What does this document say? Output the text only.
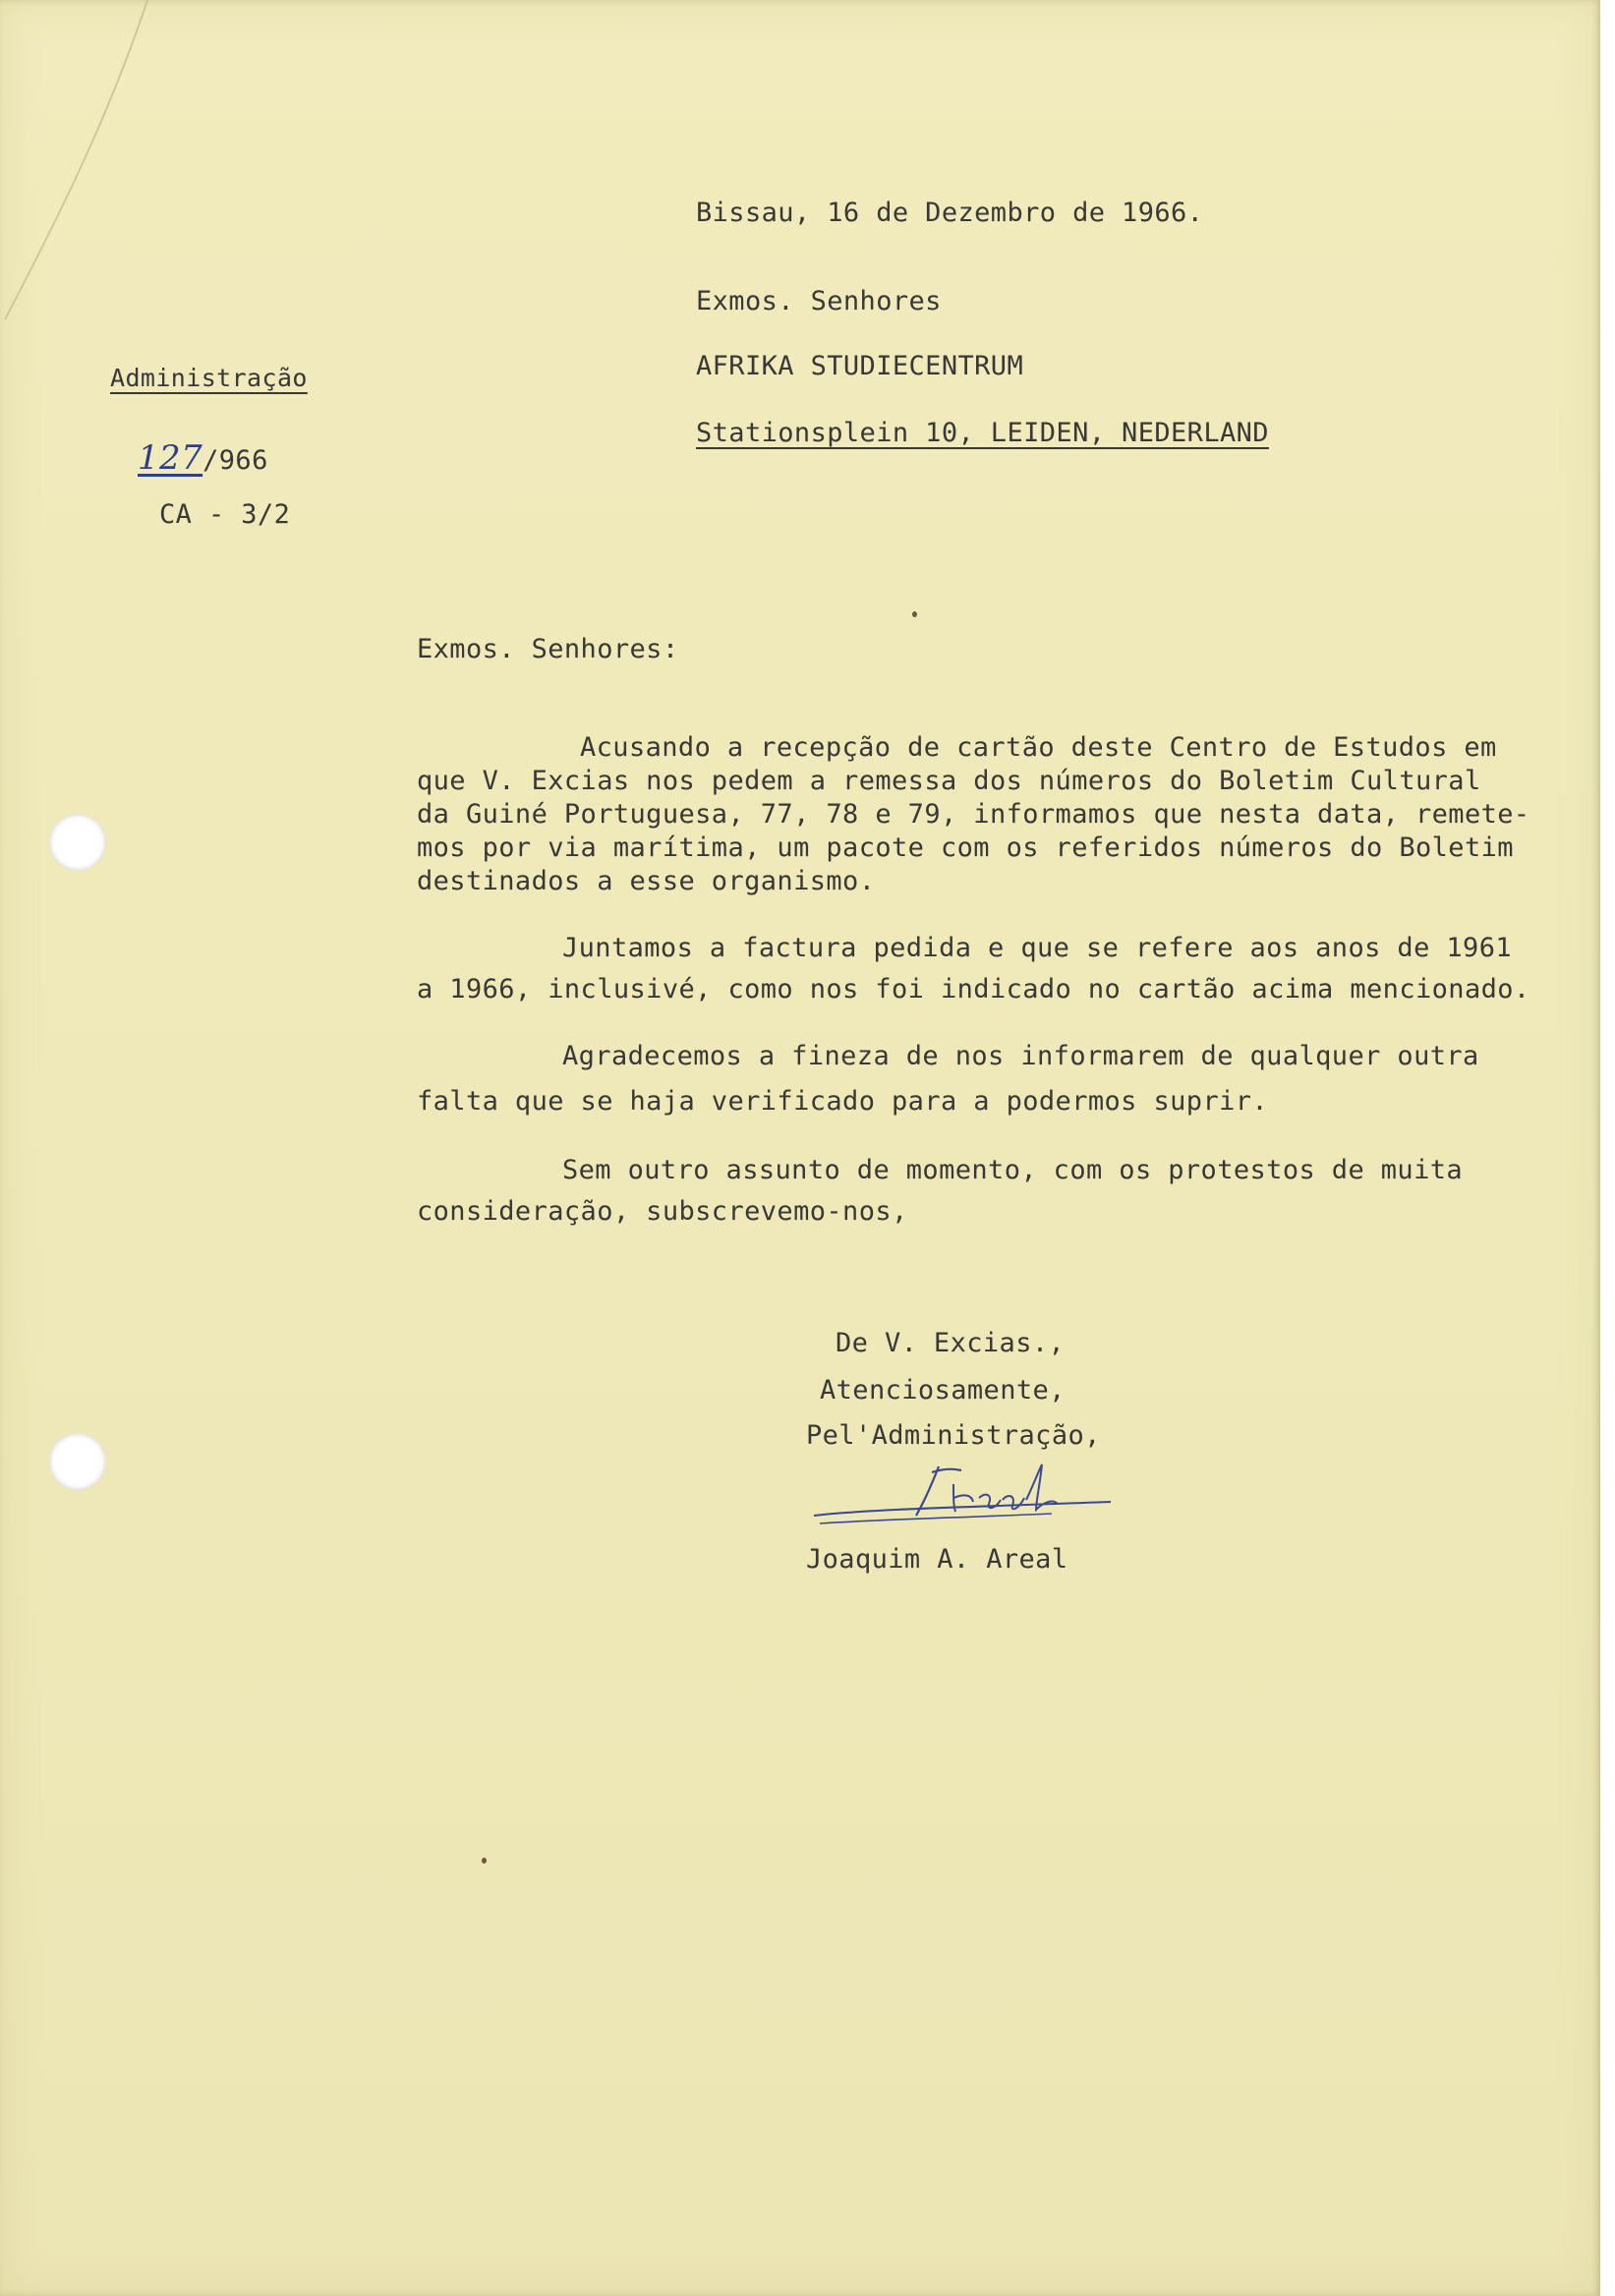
Bissau, 16 de Dezembro de 1966.
Exmos. Senhores
AFRIKA STUDIECENTRUM
Stationsplein 10, LEIDEN, NEDERLAND
Administração
127/966
CA - 3/2
Exmos. Senhores:
Acusando a recepção de cartão deste Centro de Estudos em
que V. Excias nos pedem a remessa dos números do Boletim Cultural
da Guiné Portuguesa, 77, 78 e 79, informamos que nesta data, remete-
mos por via marítima, um pacote com os referidos números do Boletim
destinados a esse organismo.
Juntamos a factura pedida e que se refere aos anos de 1961
a 1966, inclusivé, como nos foi indicado no cartão acima mencionado.
Agradecemos a fineza de nos informarem de qualquer outra
falta que se haja verificado para a podermos suprir.
Sem outro assunto de momento, com os protestos de muita
consideração, subscrevemo-nos,
De V. Excias.,
Atenciosamente,
Pel'Administração,
Joaquim A. Areal
